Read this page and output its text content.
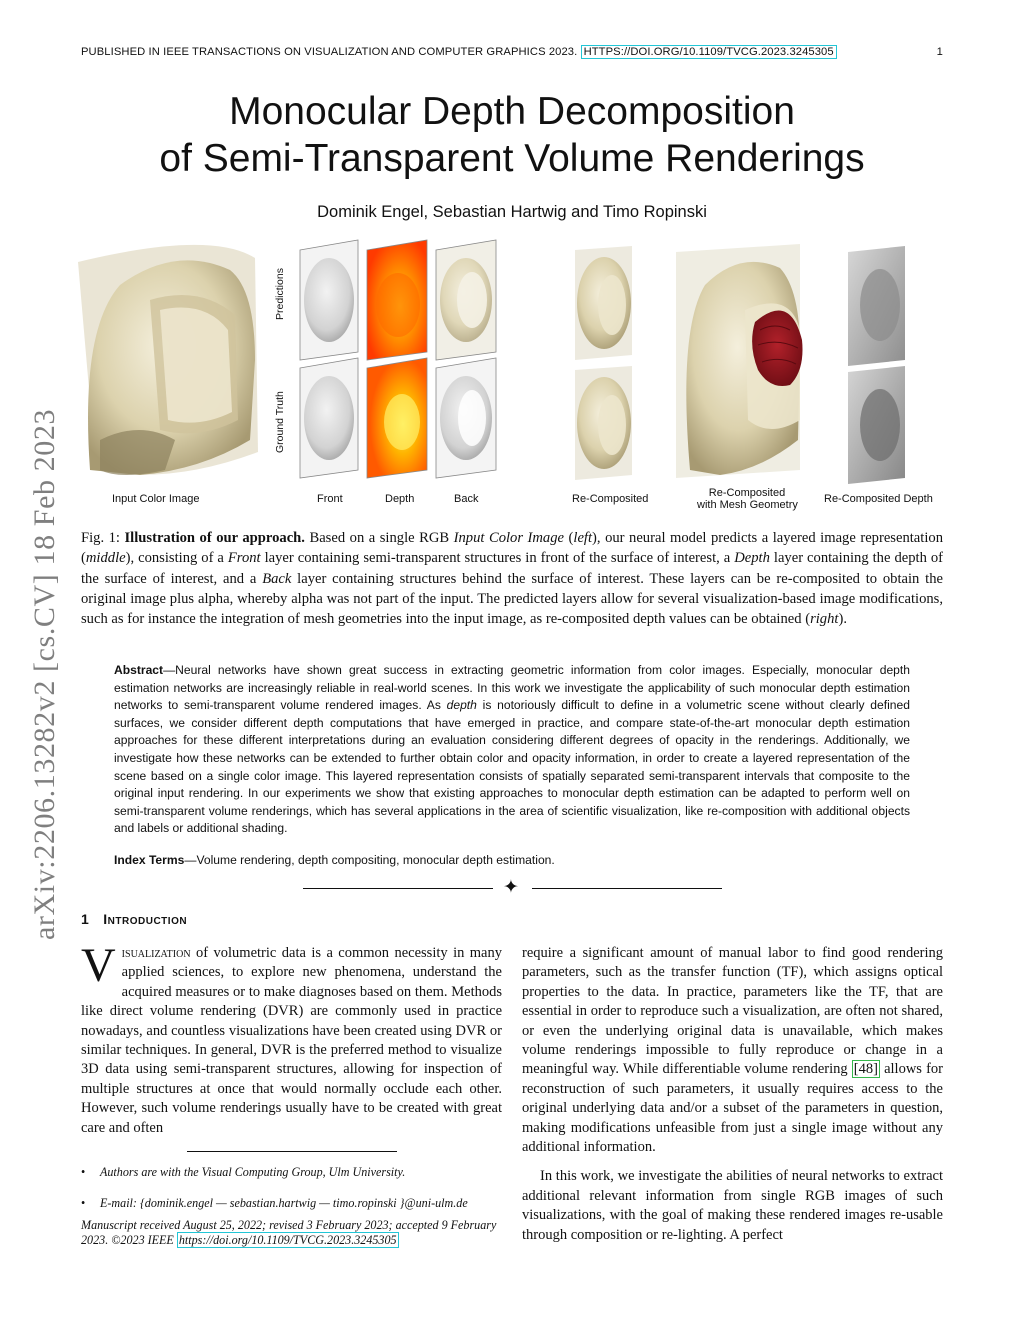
PUBLISHED IN IEEE TRANSACTIONS ON VISUALIZATION AND COMPUTER GRAPHICS 2023. HTTPS://DOI.ORG/10.1109/TVCG.2023.3245305	1
Monocular Depth Decomposition
of Semi-Transparent Volume Renderings
Dominik Engel, Sebastian Hartwig and Timo Ropinski
arXiv:2206.13282v2 [cs.CV] 18 Feb 2023
Predictions
Ground Truth
Input Color Image	Front	Depth	Back	Re-Composited	Re-Composited
with Mesh Geometry Re-Composited Depth

Fig. 1: Illustration of our approach. Based on a single RGB Input Color Image (left), our neural model predicts a layered image representation (middle), consisting of a Front layer containing semi-transparent structures in front of the surface of interest, a Depth layer containing the depth of the surface of interest, and a Back layer containing structures behind the surface of interest. These layers can be re-composited to obtain the original image plus alpha, whereby alpha was not part of the input. The predicted layers allow for several visualization-based image modifications, such as for instance the integration of mesh geometries into the input image, as re-composited depth values can be obtained (right).

Abstract—Neural networks have shown great success in extracting geometric information from color images. Especially, monocular depth estimation networks are increasingly reliable in real-world scenes. In this work we investigate the applicability of such monocular depth estimation networks to semi-transparent volume rendered images. As depth is notoriously difficult to define in a volumetric scene without clearly defined surfaces, we consider different depth computations that have emerged in practice, and compare state-of-the-art monocular depth estimation approaches for these different interpretations during an evaluation considering different degrees of opacity in the renderings. Additionally, we investigate how these networks can be extended to further obtain color and opacity information, in order to create a layered representation of the scene based on a single color image. This layered representation consists of spatially separated semi-transparent intervals that composite to the original input rendering. In our experiments we show that existing approaches to monocular depth estimation can be adapted to perform well on semi-transparent volume renderings, which has several applications in the area of scientific visualization, like re-composition with additional objects and labels or additional shading.

Index Terms—Volume rendering, depth compositing, monocular depth estimation.

✦
1 Introduction

Visualization of volumetric data is a common necessity in many applied sciences, to explore new phenomena, understand the acquired measures or to make diagnoses based on them. Methods like direct volume rendering (DVR) are commonly used in practice nowadays, and countless visualizations have been created using DVR or similar techniques. In general, DVR is the preferred method to visualize 3D data using semi-transparent structures, allowing for inspection of multiple structures at once that would normally occlude each other. However, such volume renderings usually have to be created with great care and often

require a significant amount of manual labor to find good rendering parameters, such as the transfer function (TF), which assigns optical properties to the data. In practice, parameters like the TF, that are essential in order to reproduce such a visualization, are often not shared, or even the underlying original data is unavailable, which makes volume renderings impossible to fully reproduce or change in a meaningful way. While differentiable volume rendering [48] allows for reconstruction of such parameters, it usually requires access to the original underlying data and/or a subset of the parameters in question, making modifications unfeasible from just a single image without any additional information.

In this work, we investigate the abilities of neural networks to extract additional relevant information from single RGB images of such visualizations, with the goal of making these rendered images re-usable through composition or re-lighting. A perfect

• Authors are with the Visual Computing Group, Ulm University.

• E-mail: {dominik.engel — sebastian.hartwig — timo.ropinski }@uni-ulm.de

Manuscript received August 25, 2022; revised 3 February 2023; accepted 9 February 2023. ©2023 IEEE https://doi.org/10.1109/TVCG.2023.3245305
